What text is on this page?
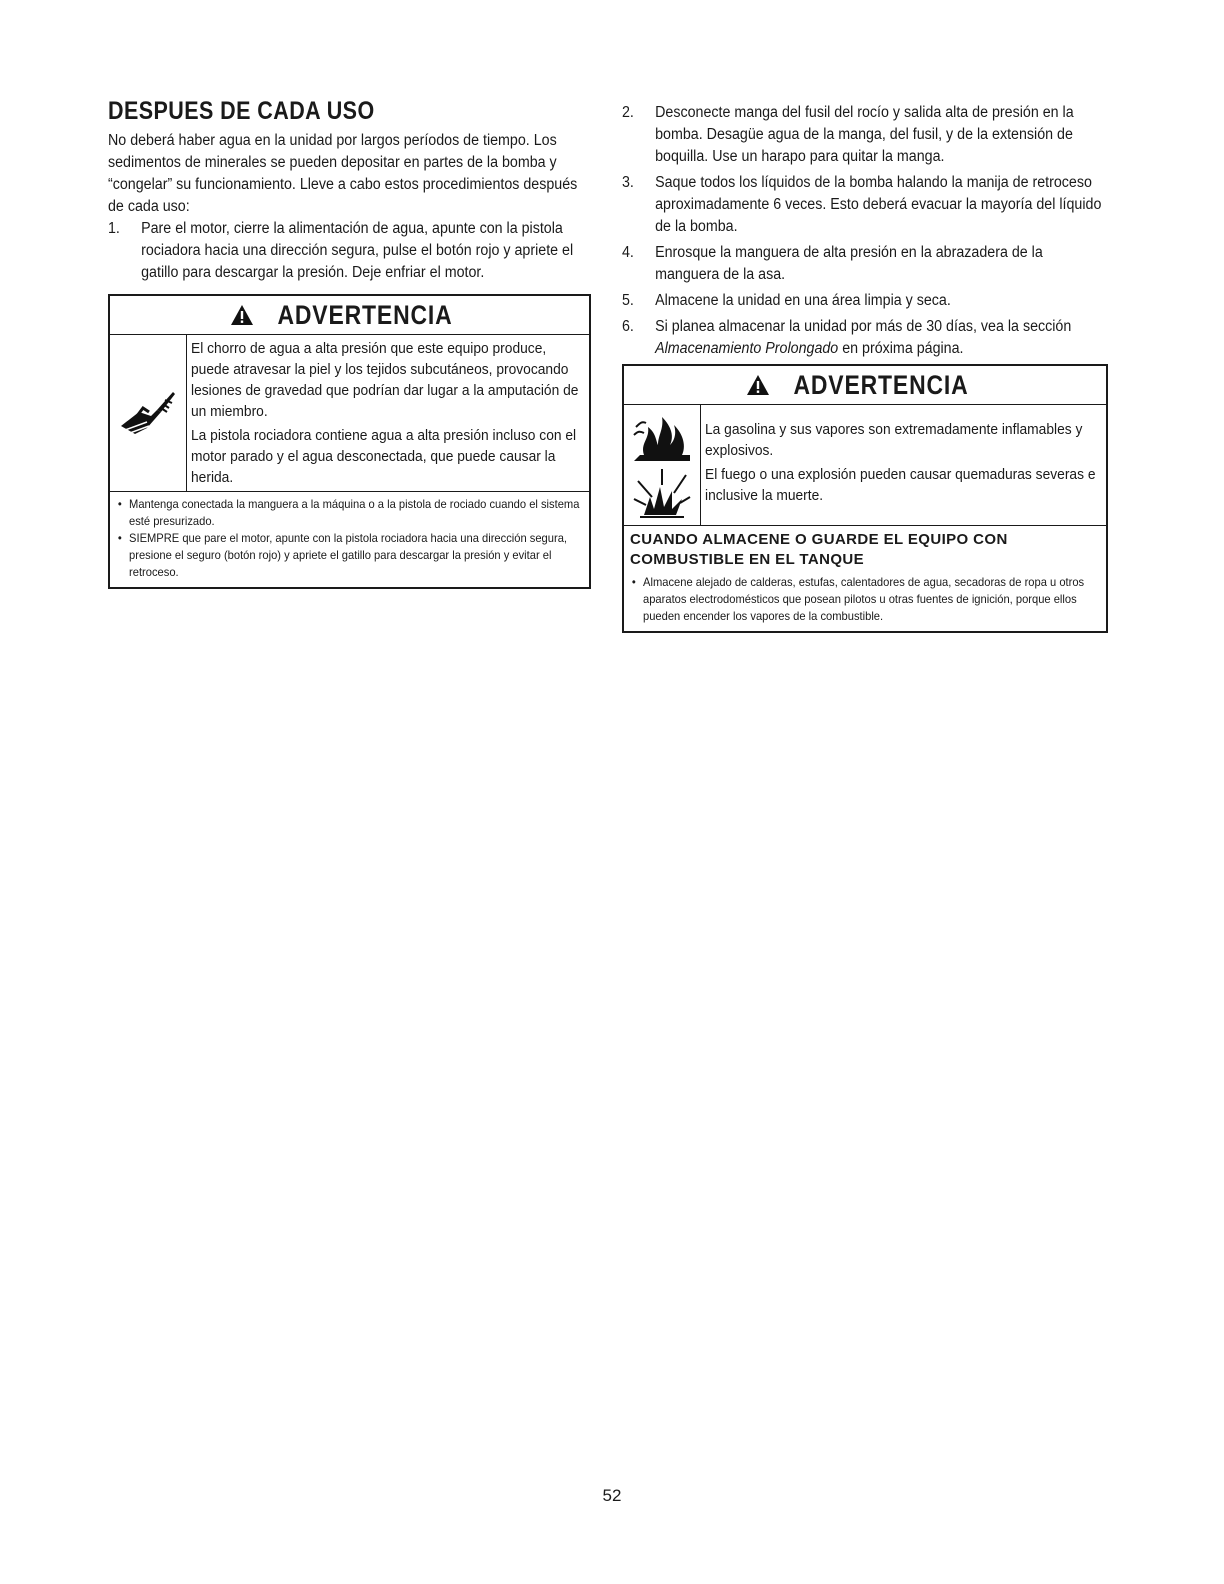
DESPUES DE CADA USO

No deberá haber agua en la unidad por largos períodos de tiempo. Los sedimentos de minerales se pueden depositar en partes de la bomba y “congelar” su funcionamiento. Lleve a cabo estos procedimientos después de cada uso:

1.	Pare el motor, cierre la alimentación de agua, apunte con la pistola rociadora hacia una dirección segura, pulse el botón rojo y apriete el gatillo para descargar la presión. Deje enfriar el motor.
ADVERTENCIA

El chorro de agua a alta presión que este equipo produce, puede atravesar la piel y los tejidos subcutáneos, provocando lesiones de gravedad que podrían dar lugar a la amputación de un miembro.

La pistola rociadora contiene agua a alta presión incluso con el motor parado y el agua desconectada, que puede causar la herida.

• Mantenga conectada la manguera a la máquina o a la pistola de rociado cuando el sistema esté presurizado.
• SIEMPRE que pare el motor, apunte con la pistola rociadora hacia una dirección segura, presione el seguro (botón rojo) y apriete el gatillo para descargar la presión y evitar el retroceso.
2.	Desconecte manga del fusil del rocío y salida alta de presión en la bomba. Desagüe agua de la manga, del fusil, y de la extensión de boquilla. Use un harapo para quitar la manga.
3.	Saque todos los líquidos de la bomba halando la manija de retroceso aproximadamente 6 veces. Esto deberá evacuar la mayoría del líquido de la bomba.
4.	Enrosque la manguera de alta presión en la abrazadera de la manguera de la asa.
5.	Almacene la unidad en una área limpia y seca.
6.	Si planea almacenar la unidad por más de 30 días, vea la sección Almacenamiento Prolongado en próxima página.
ADVERTENCIA

La gasolina y sus vapores son extremadamente inflamables y explosivos.

El fuego o una explosión pueden causar quemaduras severas e inclusive la muerte.

CUANDO ALMACENE O GUARDE EL EQUIPO CON COMBUSTIBLE EN EL TANQUE
• Almacene alejado de calderas, estufas, calentadores de agua, secadoras de ropa u otros aparatos electrodomésticos que posean pilotos u otras fuentes de ignición, porque ellos pueden encender los vapores de la combustible.
52
